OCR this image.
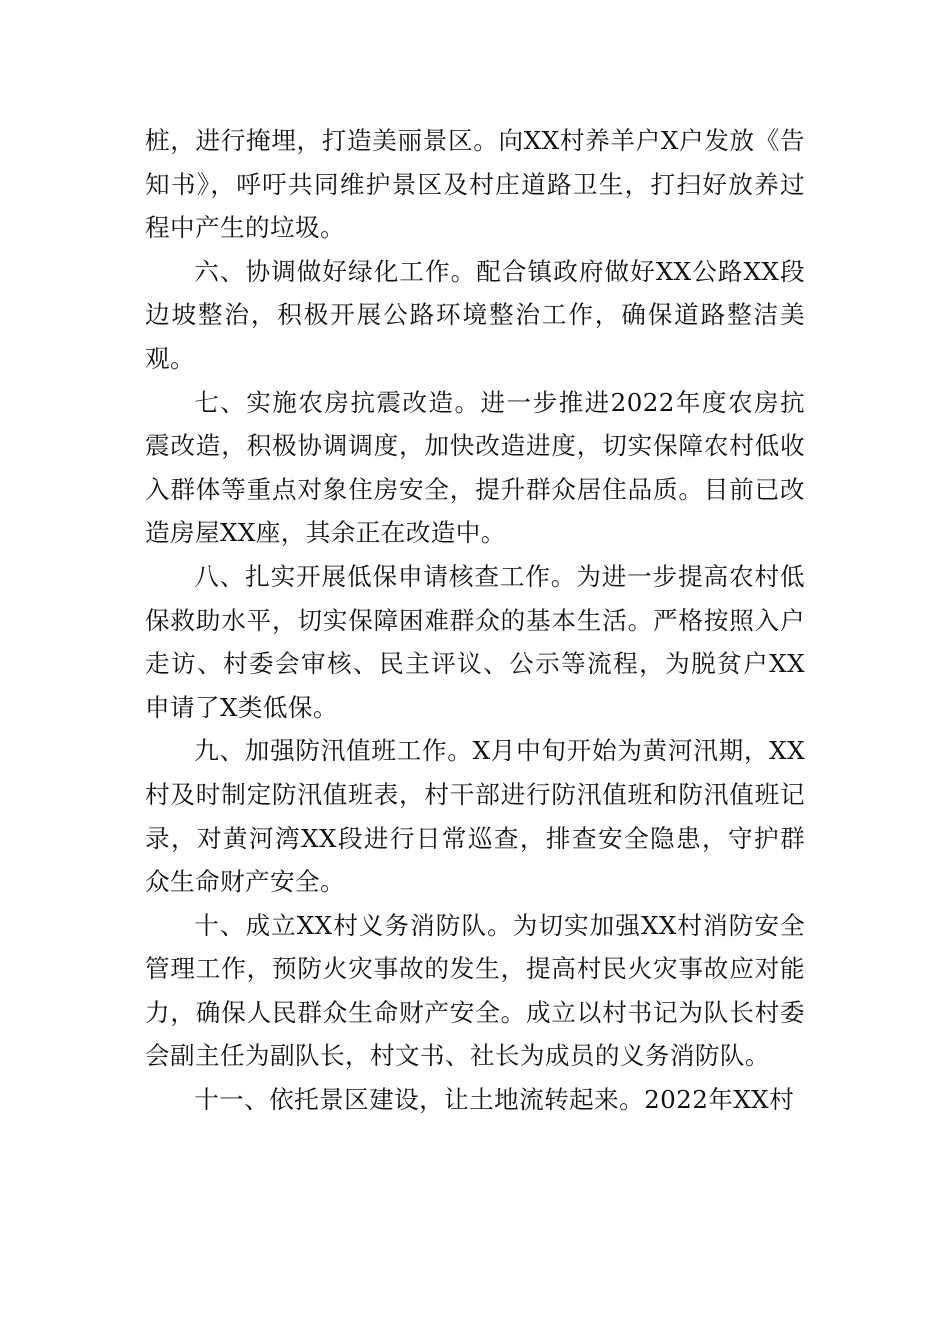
桩，进行掩埋，打造美丽景区。向XX村养羊户X户发放《告知书》，呼吁共同维护景区及村庄道路卫生，打扫好放养过程中产生的垃圾。

六、协调做好绿化工作。配合镇政府做好XX公路XX段边坡整治，积极开展公路环境整治工作，确保道路整洁美观。

七、实施农房抗震改造。进一步推进2022年度农房抗震改造，积极协调调度，加快改造进度，切实保障农村低收入群体等重点对象住房安全，提升群众居住品质。目前已改造房屋XX座，其余正在改造中。

八、扎实开展低保申请核查工作。为进一步提高农村低保救助水平，切实保障困难群众的基本生活。严格按照入户走访、村委会审核、民主评议、公示等流程，为脱贫户XX申请了X类低保。

九、加强防汛值班工作。X月中旬开始为黄河汛期，XX村及时制定防汛值班表，村干部进行防汛值班和防汛值班记录，对黄河湾XX段进行日常巡查，排查安全隐患，守护群众生命财产安全。

十、成立XX村义务消防队。为切实加强XX村消防安全管理工作，预防火灾事故的发生，提高村民火灾事故应对能力，确保人民群众生命财产安全。成立以村书记为队长村委会副主任为副队长，村文书、社长为成员的义务消防队。

十一、依托景区建设，让土地流转起来。2022年XX村
